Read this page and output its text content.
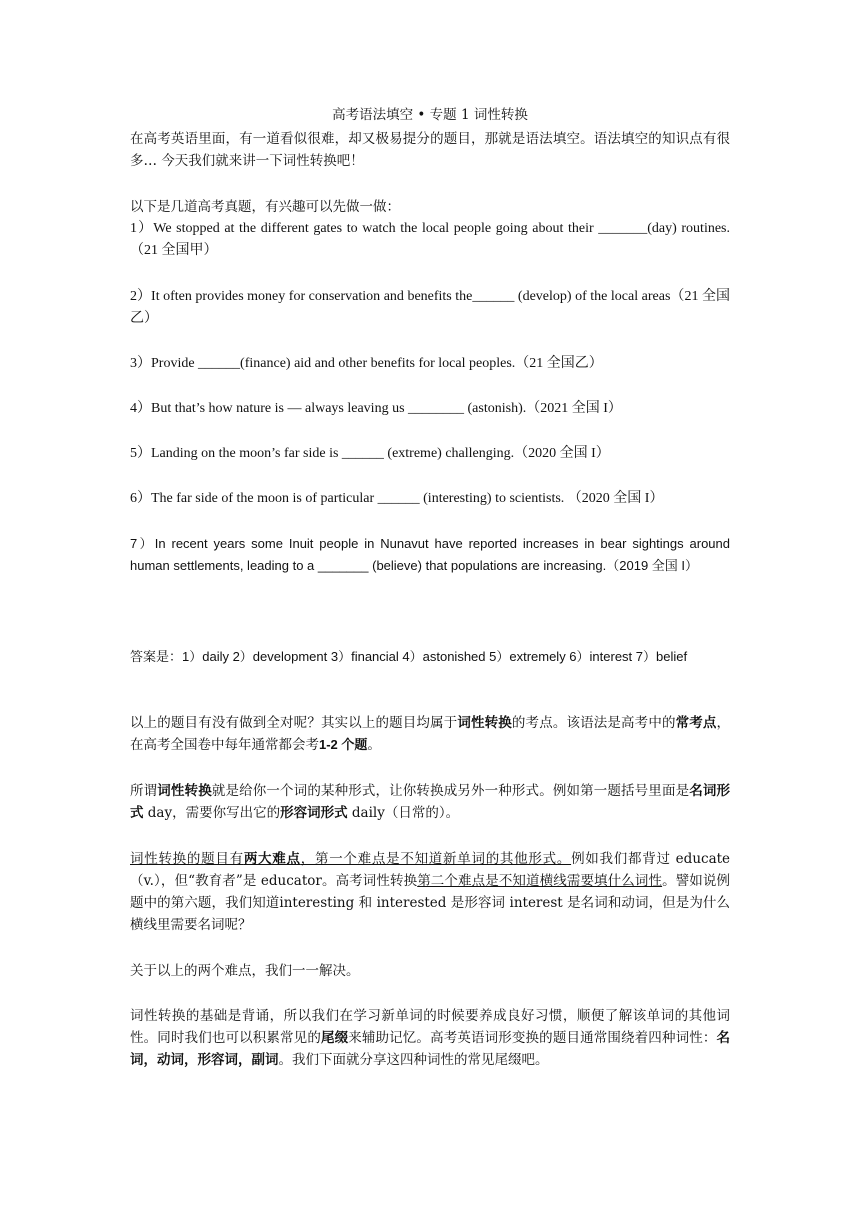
高考语法填空 • 专题 1 词性转换

在高考英语里面，有一道看似很难，却又极易提分的题目，那就是语法填空。语法填空的知识点有很多… 今天我们就来讲一下词性转换吧！

以下是几道高考真题，有兴趣可以先做一做：

1）We stopped at the different gates to watch the local people going about their _______(day) routines.（21 全国甲）

2）It often provides money for conservation and benefits the______ (develop) of the local areas（21 全国乙）

3）Provide ______(finance) aid and other benefits for local peoples.（21 全国乙）

4）But that’s how nature is — always leaving us ________ (astonish).（2021 全国 I）

5）Landing on the moon’s far side is ______ (extreme) challenging.（2020 全国 I）

6）The far side of the moon is of particular ______ (interesting) to scientists. （2020 全国 I）

7）In recent years some Inuit people in Nunavut have reported increases in bear sightings around human settlements, leading to a _______ (believe) that populations are increasing.（2019 全国 I）

答案是：1）daily 2）development 3）financial 4）astonished 5）extremely 6）interest 7）belief

以上的题目有没有做到全对呢？其实以上的题目均属于词性转换的考点。该语法是高考中的常考点，在高考全国卷中每年通常都会考1-2 个题。

所谓词性转换就是给你一个词的某种形式，让你转换成另外一种形式。例如第一题括号里面是名词形式 day，需要你写出它的形容词形式 daily（日常的）。

词性转换的题目有两大难点，第一个难点是不知道新单词的其他形式。例如我们都背过 educate（v.），但“教育者”是 educator。高考词性转换第二个难点是不知道横线需要填什么词性。譬如说例题中的第六题，我们知道interesting 和 interested 是形容词 interest 是名词和动词，但是为什么横线里需要名词呢？

关于以上的两个难点，我们一一解决。

词性转换的基础是背诵，所以我们在学习新单词的时候要养成良好习惯，顺便了解该单词的其他词性。同时我们也可以积累常见的尾缀来辅助记忆。高考英语词形变换的题目通常围绕着四种词性：名词，动词，形容词，副词。我们下面就分享这四种词性的常见尾缀吧。
